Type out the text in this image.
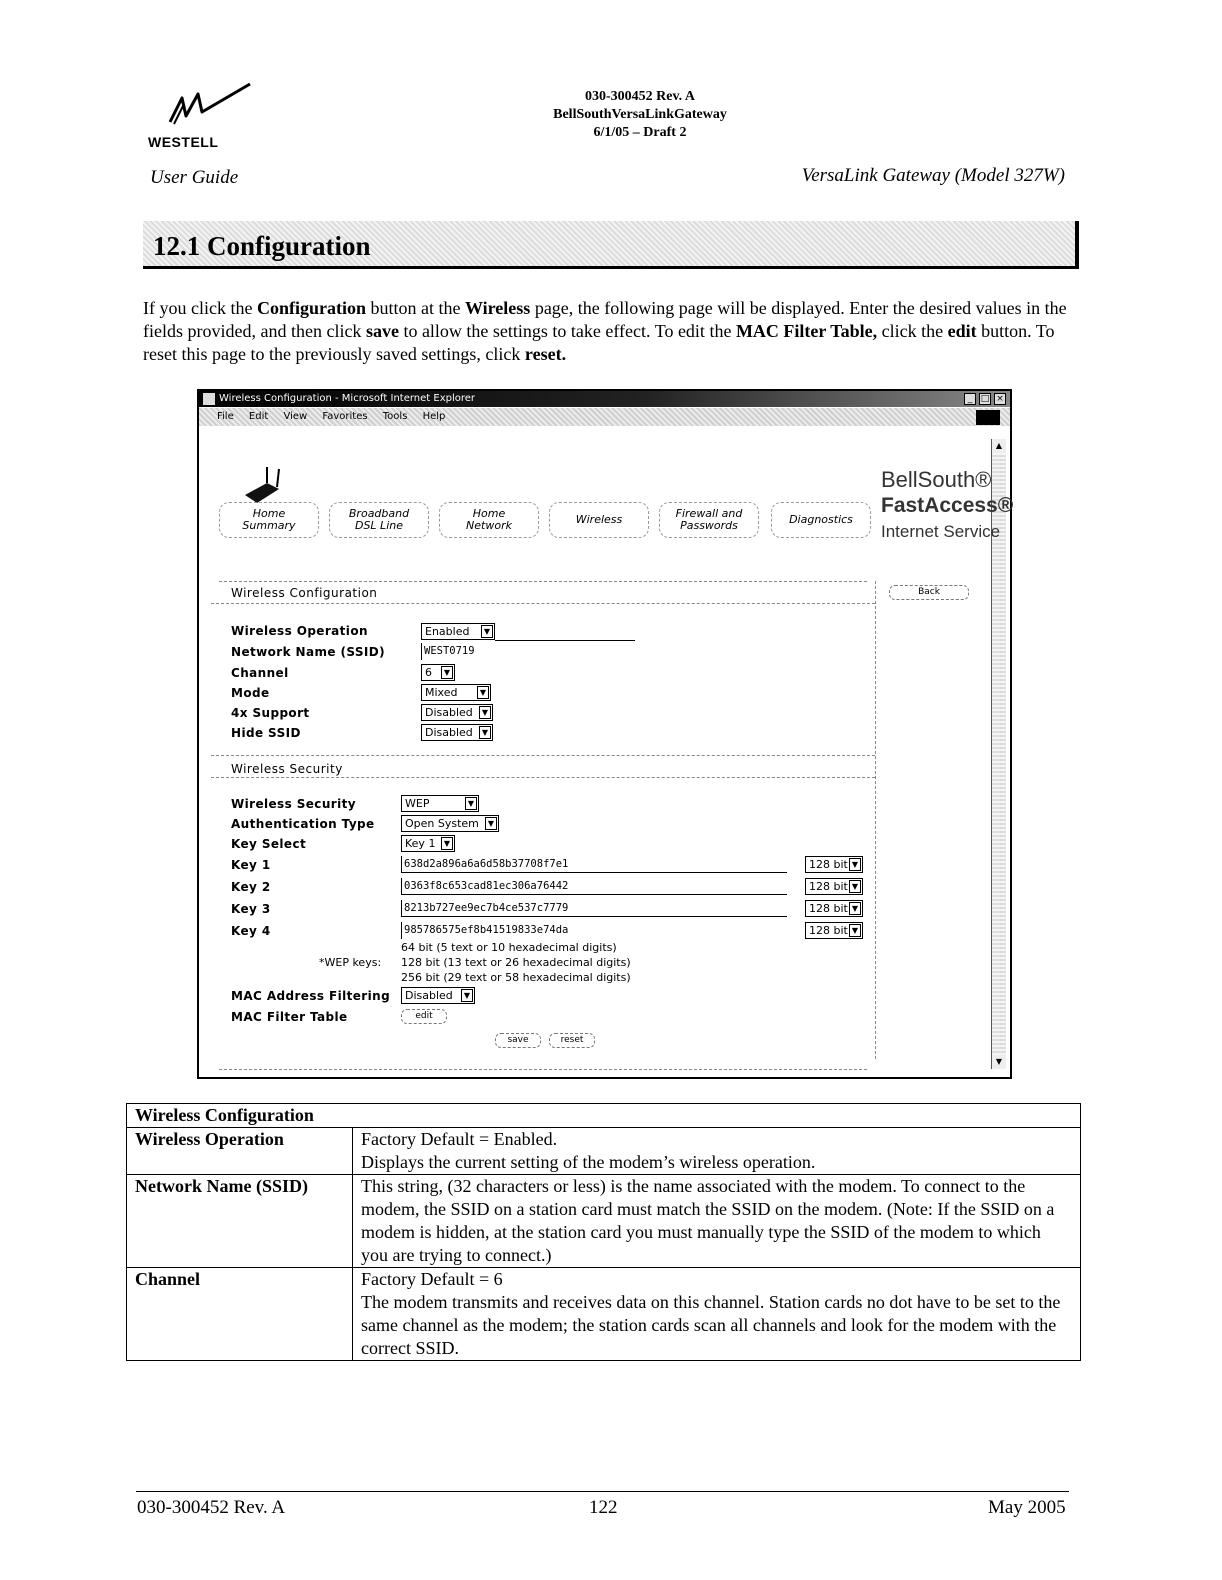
WESTELL
030-300452 Rev. A
BellSouthVersaLinkGateway
6/1/05 – Draft 2
User Guide	VersaLink Gateway (Model 327W)
12.1 Configuration
If you click the Configuration button at the Wireless page, the following page will be displayed. Enter the desired values in the fields provided, and then click save to allow the settings to take effect. To edit the MAC Filter Table, click the edit button. To reset this page to the previously saved settings, click reset.
Wireless Configuration - Microsoft Internet Explorer	_ □ ×
File Edit View Favorites Tools Help
▲
▼
BellSouth®
FastAccess®
Internet Service
Home
Summary
Broadband
DSL Line
Home
Network	Wireless	Firewall and
Passwords	Diagnostics
Back
Wireless Configuration
Wireless Operation	Enabled	▼
Network Name (SSID)	WEST0719
Channel	6	▼
Mode	Mixed	▼
4x Support	Disabled	▼
Hide SSID	Disabled	▼
Wireless Security
Wireless Security	WEP	▼
Authentication Type	Open System	▼
Key Select	Key 1	▼
Key 1	638d2a896a6a6d58b37708f7e1	128 bit ▼
Key 2	0363f8c653cad81ec306a76442	128 bit ▼
Key 3	8213b727ee9ec7b4ce537c7779	128 bit ▼
Key 4	985786575ef8b41519833e74da	128 bit ▼
*WEP keys:
64 bit (5 text or 10 hexadecimal digits)
128 bit (13 text or 26 hexadecimal digits)
256 bit (29 text or 58 hexadecimal digits)
MAC Address Filtering	Disabled	▼
MAC Filter Table	edit
save	reset
Wireless Configuration	
Wireless Operation	Factory Default = Enabled.
Displays the current setting of the modem’s wireless operation.

Network Name (SSID)	This string, (32 characters or less) is the name associated with the modem. To connect to the modem, the SSID on a station card must match the SSID on the modem. (Note: If the SSID on a modem is hidden, at the station card you must manually type the SSID of the modem to which you are trying to connect.)

Channel	Factory Default = 6
The modem transmits and receives data on this channel. Station cards no dot have to be set to the same channel as the modem; the station cards scan all channels and look for the modem with the correct SSID.
030-300452 Rev. A	122	May 2005
